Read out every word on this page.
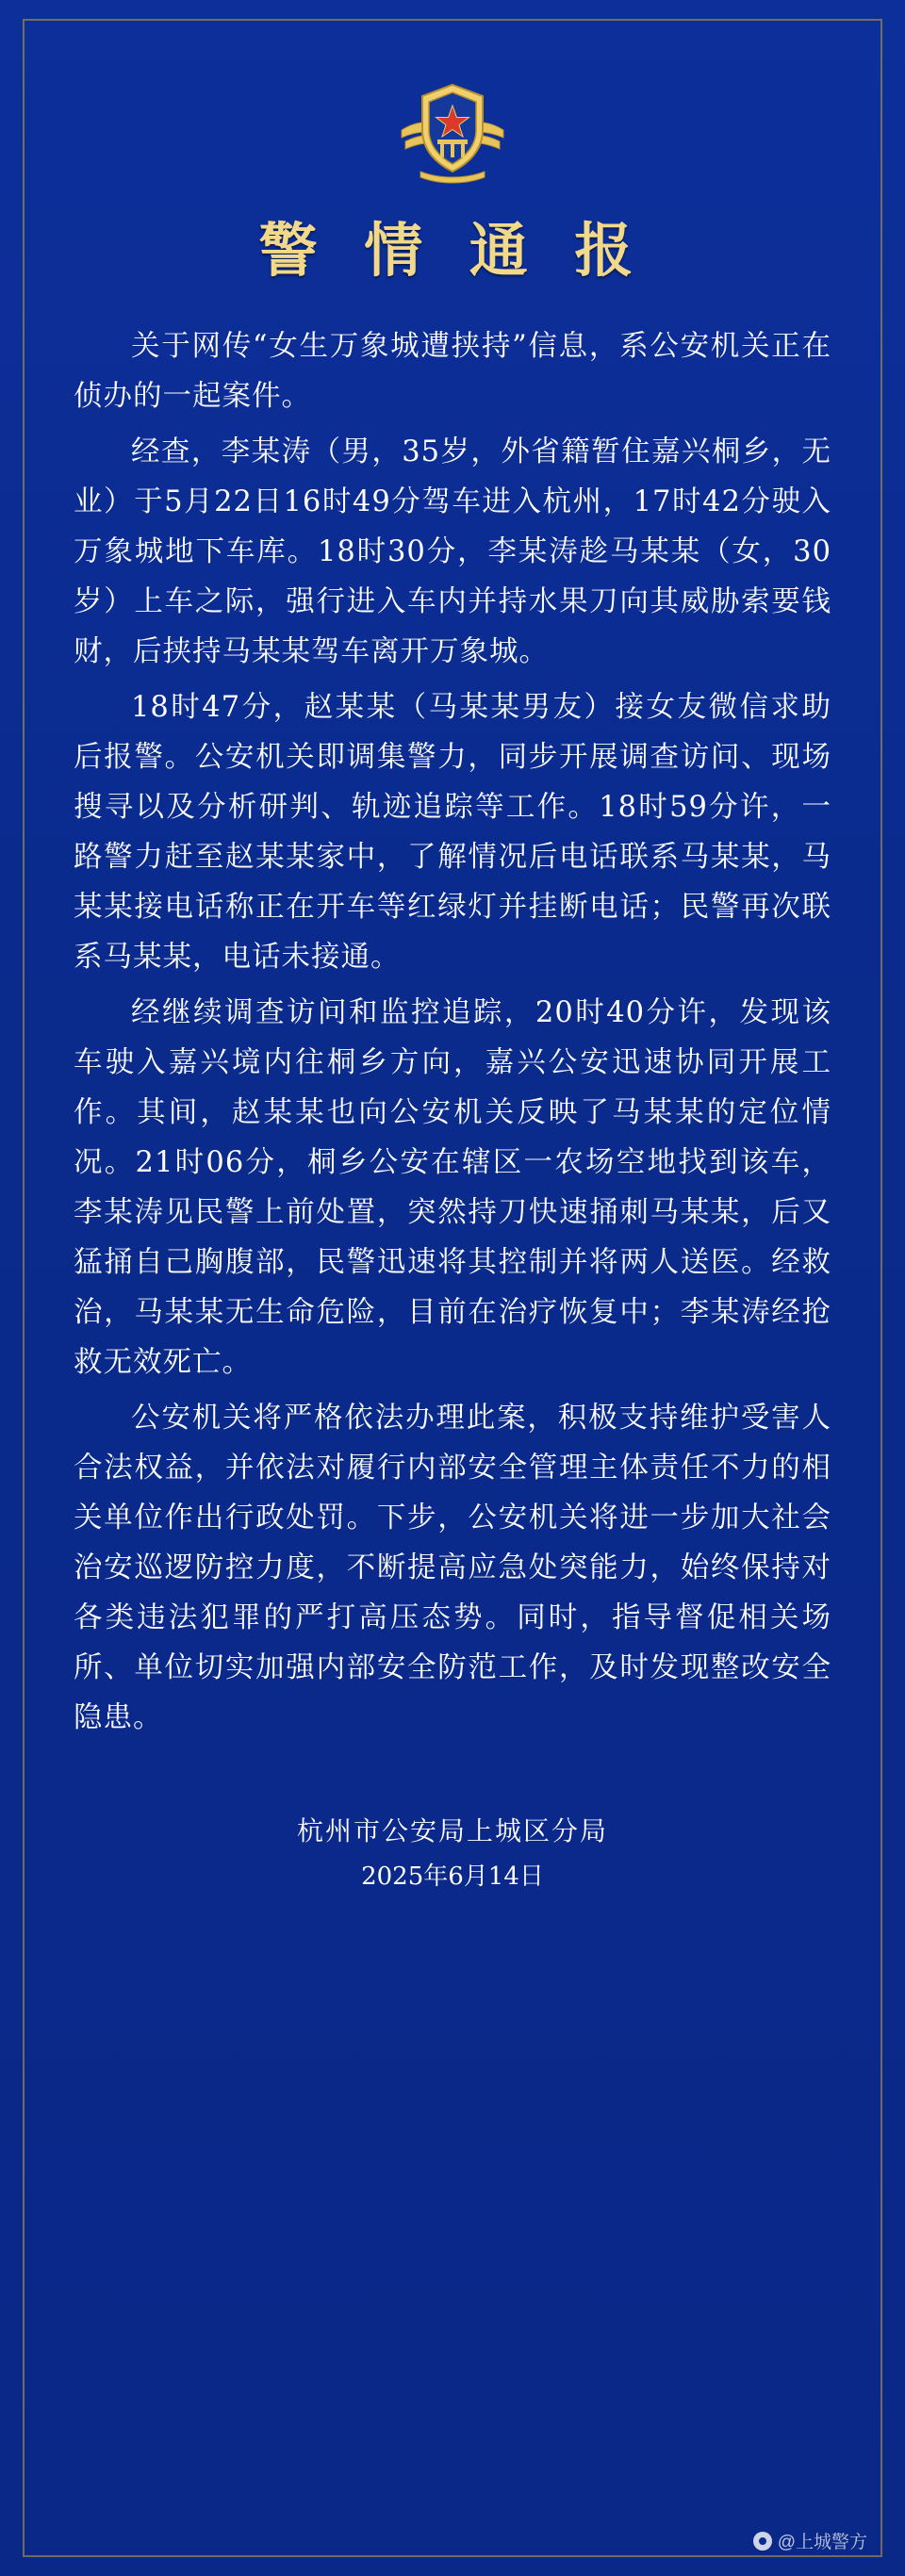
警 情 通 报

关于网传“女生万象城遭挟持”信息，系公安机关正在侦办的一起案件。

经查，李某涛（男，35岁，外省籍暂住嘉兴桐乡，无业）于5月22日16时49分驾车进入杭州，17时42分驶入万象城地下车库。18时30分，李某涛趁马某某（女，30岁）上车之际，强行进入车内并持水果刀向其威胁索要钱财，后挟持马某某驾车离开万象城。

18时47分，赵某某（马某某男友）接女友微信求助后报警。公安机关即调集警力，同步开展调查访问、现场搜寻以及分析研判、轨迹追踪等工作。18时59分许，一路警力赶至赵某某家中，了解情况后电话联系马某某，马某某接电话称正在开车等红绿灯并挂断电话；民警再次联系马某某，电话未接通。

经继续调查访问和监控追踪，20时40分许，发现该车驶入嘉兴境内往桐乡方向，嘉兴公安迅速协同开展工作。其间，赵某某也向公安机关反映了马某某的定位情况。21时06分，桐乡公安在辖区一农场空地找到该车，李某涛见民警上前处置，突然持刀快速捅刺马某某，后又猛捅自己胸腹部，民警迅速将其控制并将两人送医。经救治，马某某无生命危险，目前在治疗恢复中；李某涛经抢救无效死亡。

公安机关将严格依法办理此案，积极支持维护受害人合法权益，并依法对履行内部安全管理主体责任不力的相关单位作出行政处罚。下步，公安机关将进一步加大社会治安巡逻防控力度，不断提高应急处突能力，始终保持对各类违法犯罪的严打高压态势。同时，指导督促相关场所、单位切实加强内部安全防范工作，及时发现整改安全隐患。

杭州市公安局上城区分局
2025年6月14日
@上城警方
